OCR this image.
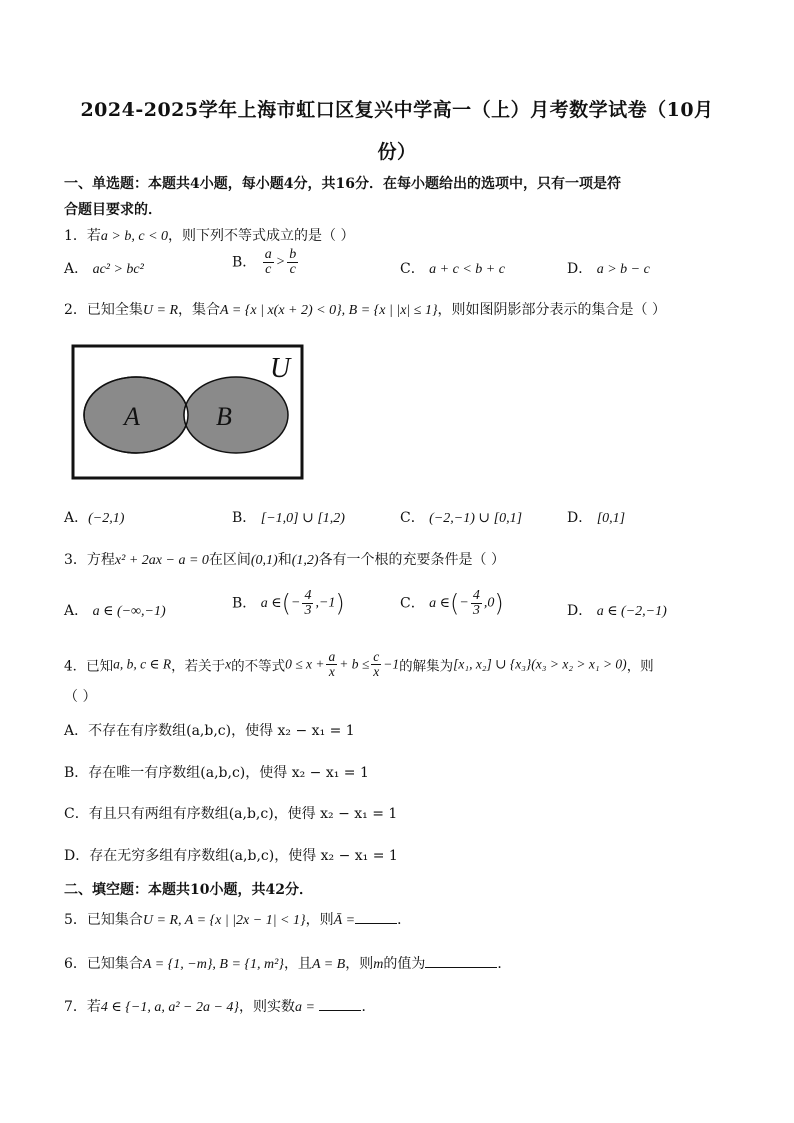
2024-2025学年上海市虹口区复兴中学高一（上）月考数学试卷（10月
份）
一、单选题：本题共4小题，每小题4分，共16分．在每小题给出的选项中，只有一项是符
合题目要求的．
1．若a > b, c < 0，则下列不等式成立的是（ ）
A． ac² > bc²	B． $\frac{a}{c} > \frac{b}{c}$	C． a + c < b + c	D． a > b − c
2．已知全集U = R，集合A = {x | x(x + 2) < 0}, B = {x | |x| ≤ 1}，则如图阴影部分表示的集合是（ ）
U
A	B
A．(−2,1)	B． [−1,0] ∪ [1,2)	C． (−2,−1) ∪ [0,1]	D． [0,1]
3．方程x² + 2ax − a = 0在区间(0,1)和(1,2)各有一个根的充要条件是（ ）
A． a ∈ (−∞,−1)	B． a ∈(− $\frac{4}{3} ,-1$)	C． a ∈(− $\frac{4}{3} ,0$)	D． a ∈ (−2,−1)
4．已知a, b, c ∈ R，若关于x的不等式$0 \le x + \frac{a}{x} + b \le \frac{c}{x} -1$的解集为[x₁, x₂] ∪ {x₃}(x₃ > x₂ > x₁ > 0)，则
（ ）
A．不存在有序数组(a,b,c)，使得 x₂ − x₁ = 1
B．存在唯一有序数组(a,b,c)，使得 x₂ − x₁ = 1
C．有且只有两组有序数组(a,b,c)，使得 x₂ − x₁ = 1
D．存在无穷多组有序数组(a,b,c)，使得 x₂ − x₁ = 1
二、填空题：本题共10小题，共42分．
5．已知集合U = R, A = {x | |2x − 1| < 1}，则Ā =	．
6．已知集合A = {1, −m}, B = {1, m²}，且A = B，则m的值为	．
7．若4 ∈ {−1, a, a² − 2a − 4}，则实数a =	．
